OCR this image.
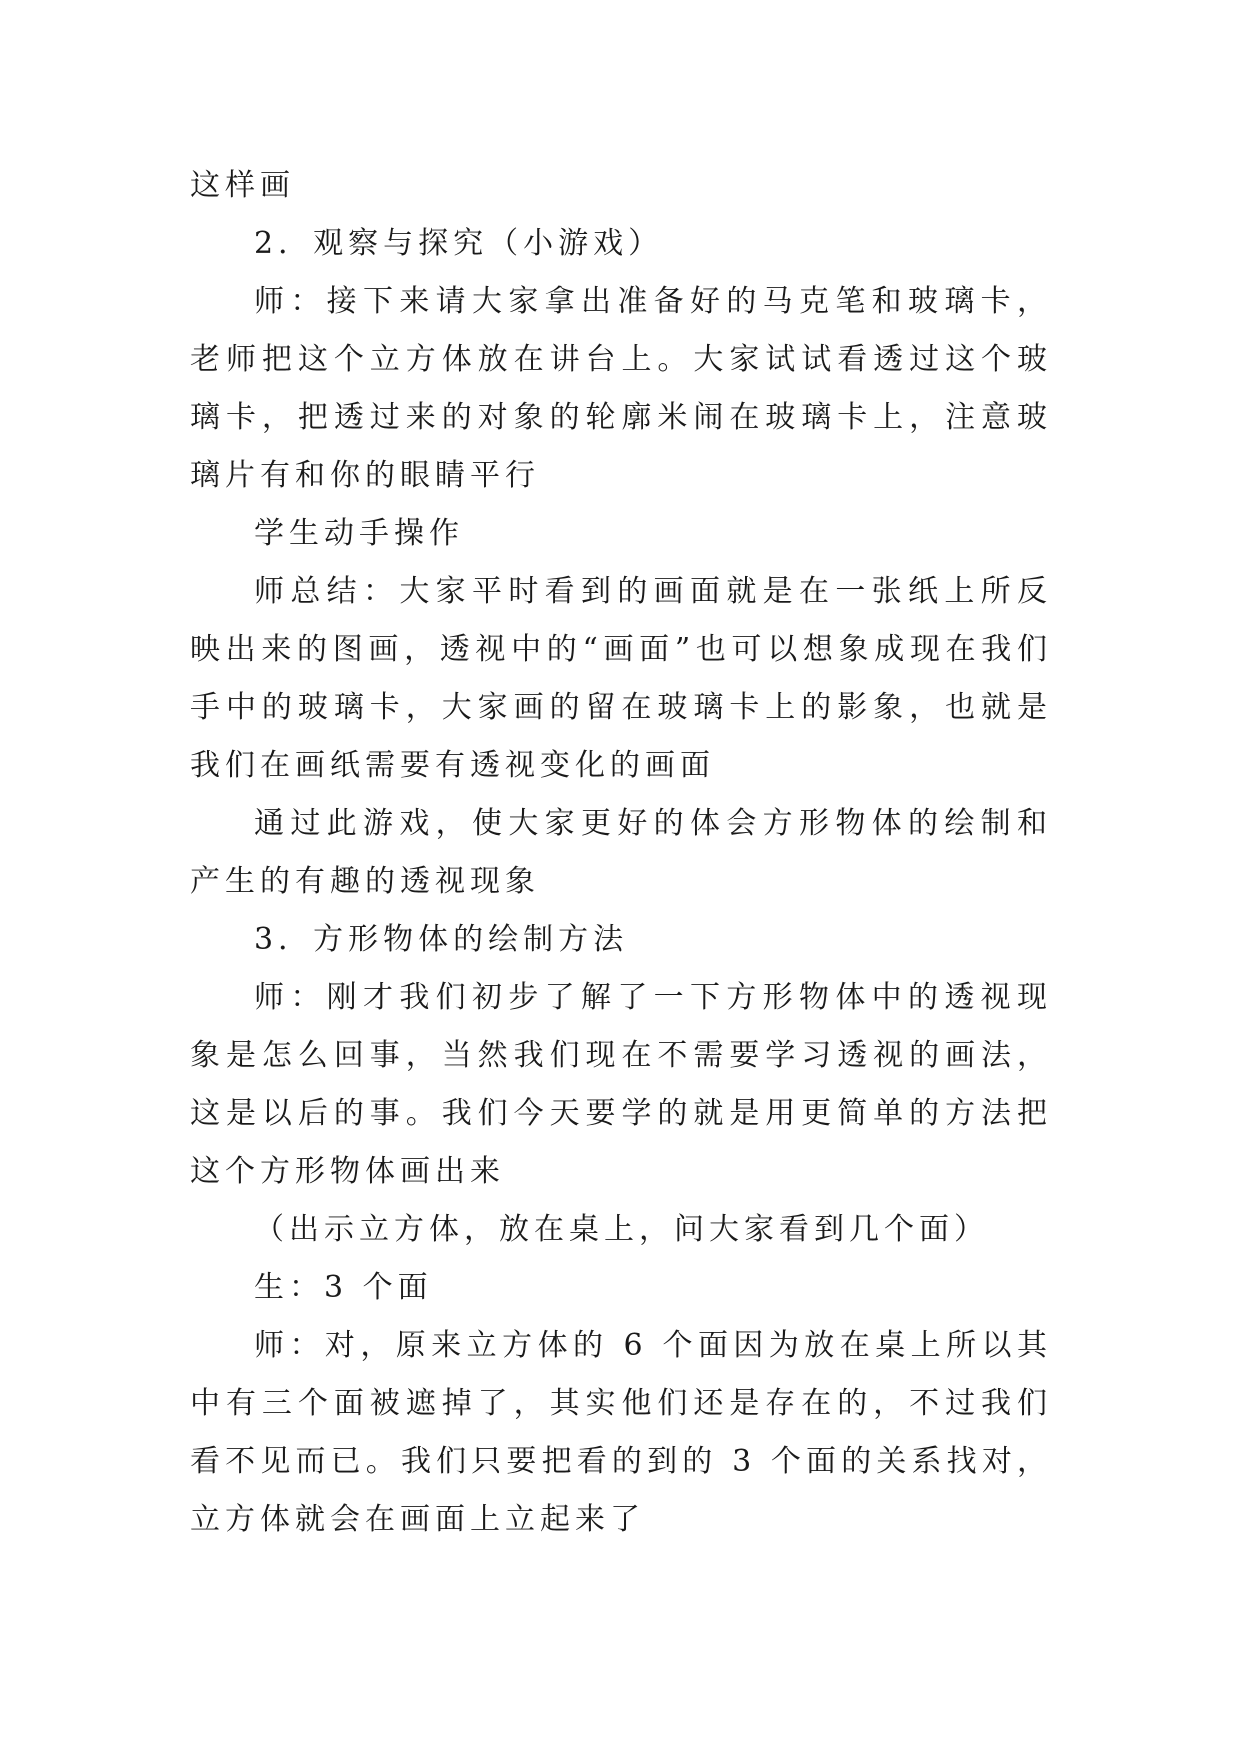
这样画

2．观察与探究（小游戏）

师：接下来请大家拿出准备好的马克笔和玻璃卡，老师把这个立方体放在讲台上。大家试试看透过这个玻璃卡，把透过来的对象的轮廓米闹在玻璃卡上，注意玻璃片有和你的眼睛平行

学生动手操作

师总结：大家平时看到的画面就是在一张纸上所反映出来的图画，透视中的“画面”也可以想象成现在我们手中的玻璃卡，大家画的留在玻璃卡上的影象，也就是我们在画纸需要有透视变化的画面

通过此游戏，使大家更好的体会方形物体的绘制和产生的有趣的透视现象

3．方形物体的绘制方法

师：刚才我们初步了解了一下方形物体中的透视现象是怎么回事，当然我们现在不需要学习透视的画法，这是以后的事。我们今天要学的就是用更简单的方法把这个方形物体画出来

（出示立方体，放在桌上，问大家看到几个面）

生：3 个面

师：对，原来立方体的 6 个面因为放在桌上所以其中有三个面被遮掉了，其实他们还是存在的，不过我们看不见而已。我们只要把看的到的 3 个面的关系找对，立方体就会在画面上立起来了
